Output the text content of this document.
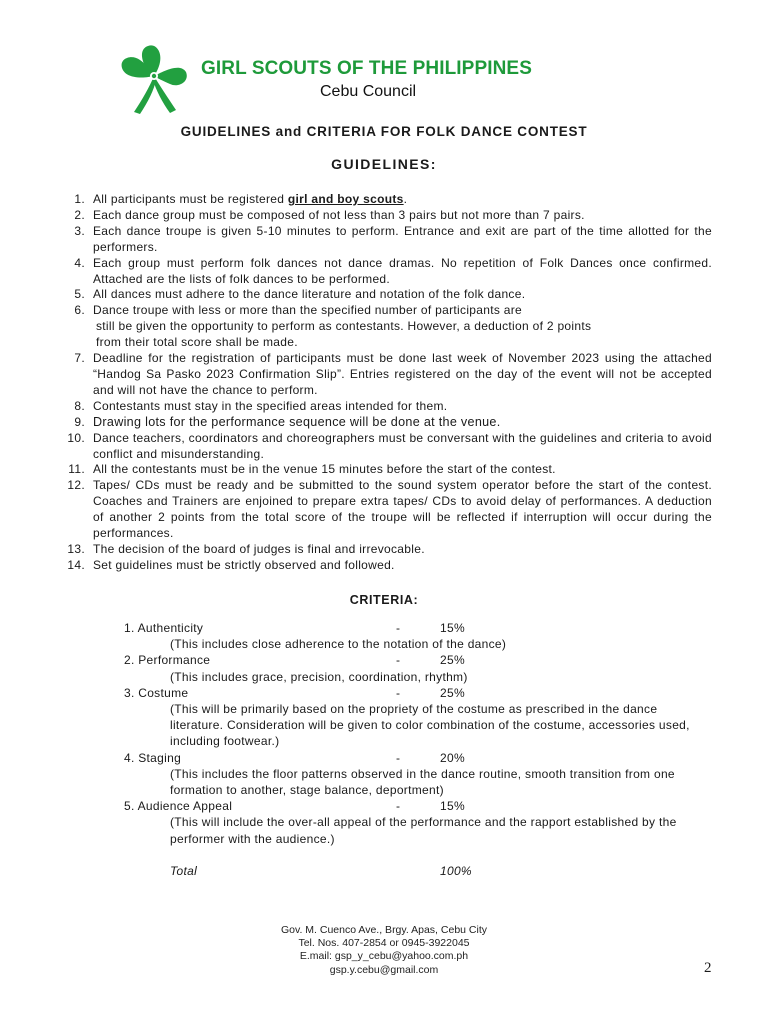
GIRL SCOUTS OF THE PHILIPPINES
Cebu Council
GUIDELINES and CRITERIA FOR FOLK DANCE CONTEST
GUIDELINES:
1. All participants must be registered girl and boy scouts.
2. Each dance group must be composed of not less than 3 pairs but not more than 7 pairs.
3. Each dance troupe is given 5-10 minutes to perform. Entrance and exit are part of the time allotted for the performers.
4. Each group must perform folk dances not dance dramas. No repetition of Folk Dances once confirmed. Attached are the lists of folk dances to be performed.
5. All dances must adhere to the dance literature and notation of the folk dance.
6. Dance troupe with less or more than the specified number of participants are
still be given the opportunity to perform as contestants. However, a deduction of 2 points
from their total score shall be made.
7. Deadline for the registration of participants must be done last week of November 2023 using the attached “Handog Sa Pasko 2023 Confirmation Slip”. Entries registered on the day of the event will not be accepted and will not have the chance to perform.
8. Contestants must stay in the specified areas intended for them.
9. Drawing lots for the performance sequence will be done at the venue.
10. Dance teachers, coordinators and choreographers must be conversant with the guidelines and criteria to avoid conflict and misunderstanding.
11. All the contestants must be in the venue 15 minutes before the start of the contest.
12. Tapes/ CDs must be ready and be submitted to the sound system operator before the start of the contest. Coaches and Trainers are enjoined to prepare extra tapes/ CDs to avoid delay of performances. A deduction of another 2 points from the total score of the troupe will be reflected if interruption will occur during the performances.
13. The decision of the board of judges is final and irrevocable.
14. Set guidelines must be strictly observed and followed.
CRITERIA:
1. Authenticity	-	15%
(This includes close adherence to the notation of the dance)
2. Performance	-	25%
(This includes grace, precision, coordination, rhythm)
3. Costume	-	25%
(This will be primarily based on the propriety of the costume as prescribed in the dance literature. Consideration will be given to color combination of the costume, accessories used, including footwear.)
4. Staging	-	20%
(This includes the floor patterns observed in the dance routine, smooth transition from one formation to another, stage balance, deportment)
5. Audience Appeal	-	15%
(This will include the over-all appeal of the performance and the rapport established by the performer with the audience.)
Total	100%
Gov. M. Cuenco Ave., Brgy. Apas, Cebu City
Tel. Nos. 407-2854 or 0945-3922045
E.mail: gsp_y_cebu@yahoo.com.ph
gsp.y.cebu@gmail.com	2
